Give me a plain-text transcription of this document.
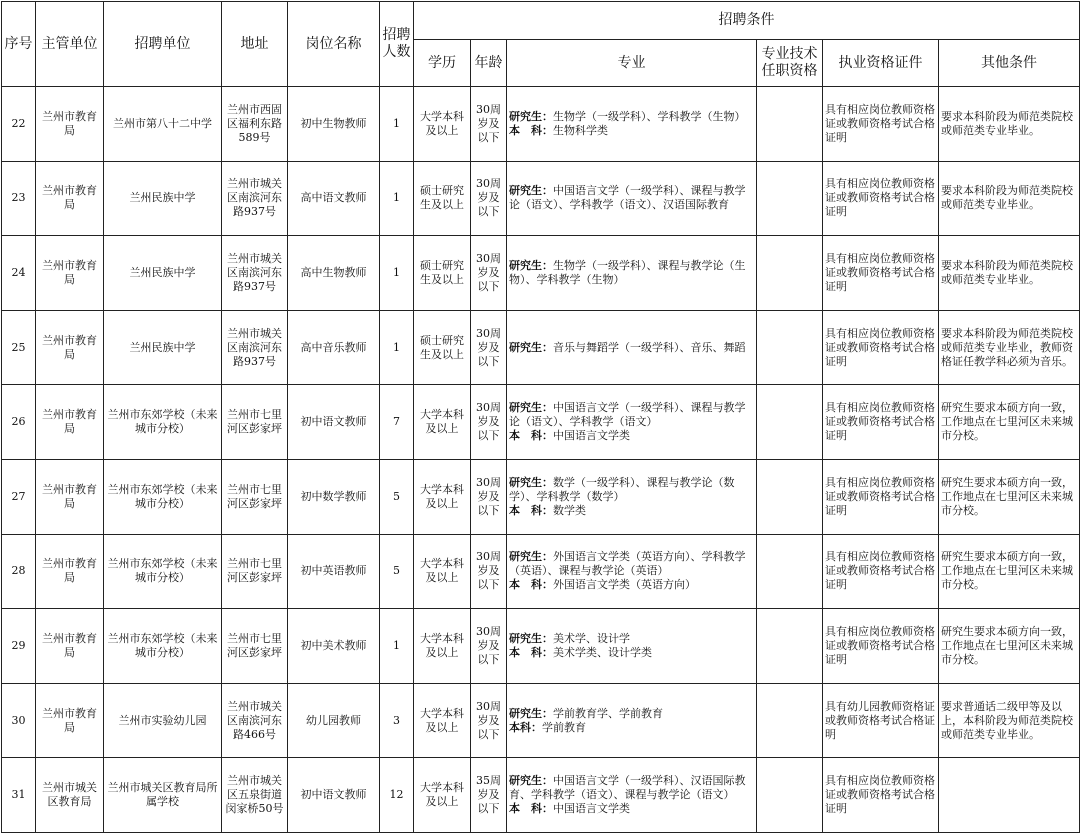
序号	主管单位	招聘单位	地址	岗位名称	招聘人数	招聘条件					
						学历	年龄	专业	专业技术任职资格	执业资格证件	其他条件
22	兰州市教育局	兰州市第八十二中学	兰州市西固区福利东路589号	初中生物教师	1	大学本科及以上	30周岁及以下	研究生：生物学（一级学科）、学科教学（生物）
本　科：生物科学类		具有相应岗位教师资格证或教师资格考试合格证明	要求本科阶段为师范类院校或师范类专业毕业。
23	兰州市教育局	兰州民族中学	兰州市城关区南滨河东路937号	高中语文教师	1	硕士研究生及以上	30周岁及以下	研究生：中国语言文学（一级学科）、课程与教学论（语文）、学科教学（语文）、汉语国际教育		具有相应岗位教师资格证或教师资格考试合格证明	要求本科阶段为师范类院校或师范类专业毕业。
24	兰州市教育局	兰州民族中学	兰州市城关区南滨河东路937号	高中生物教师	1	硕士研究生及以上	30周岁及以下	研究生：生物学（一级学科）、课程与教学论（生物）、学科教学（生物）		具有相应岗位教师资格证或教师资格考试合格证明	要求本科阶段为师范类院校或师范类专业毕业。
25	兰州市教育局	兰州民族中学	兰州市城关区南滨河东路937号	高中音乐教师	1	硕士研究生及以上	30周岁及以下	研究生：音乐与舞蹈学（一级学科）、音乐、舞蹈		具有相应岗位教师资格证或教师资格考试合格证明	要求本科阶段为师范类院校或师范类专业毕业，教师资格证任教学科必须为音乐。
26	兰州市教育局	兰州市东郊学校（未来城市分校）	兰州市七里河区彭家坪	初中语文教师	7	大学本科及以上	30周岁及以下	研究生：中国语言文学（一级学科）、课程与教学论（语文）、学科教学（语文）
本　科：中国语言文学类		具有相应岗位教师资格证或教师资格考试合格证明	研究生要求本硕方向一致，工作地点在七里河区未来城市分校。
27	兰州市教育局	兰州市东郊学校（未来城市分校）	兰州市七里河区彭家坪	初中数学教师	5	大学本科及以上	30周岁及以下	研究生：数学（一级学科）、课程与教学论（数学）、学科教学（数学）
本　科：数学类		具有相应岗位教师资格证或教师资格考试合格证明	研究生要求本硕方向一致，工作地点在七里河区未来城市分校。
28	兰州市教育局	兰州市东郊学校（未来城市分校）	兰州市七里河区彭家坪	初中英语教师	5	大学本科及以上	30周岁及以下	研究生：外国语言文学类（英语方向）、学科教学（英语）、课程与教学论（英语）
本　科：外国语言文学类（英语方向）		具有相应岗位教师资格证或教师资格考试合格证明	研究生要求本硕方向一致，工作地点在七里河区未来城市分校。
29	兰州市教育局	兰州市东郊学校（未来城市分校）	兰州市七里河区彭家坪	初中美术教师	1	大学本科及以上	30周岁及以下	研究生：美术学、设计学
本　科：美术学类、设计学类		具有相应岗位教师资格证或教师资格考试合格证明	研究生要求本硕方向一致，工作地点在七里河区未来城市分校。
30	兰州市教育局	兰州市实验幼儿园	兰州市城关区南滨河东路466号	幼儿园教师	3	大学本科及以上	30周岁及以下	研究生：学前教育学、学前教育
本科：学前教育		具有幼儿园教师资格证或教师资格考试合格证明	要求普通话二级甲等及以上，本科阶段为师范类院校或师范类专业毕业。
31	兰州市城关区教育局	兰州市城关区教育局所属学校	兰州市城关区五泉街道闵家桥50号	初中语文教师	12	大学本科及以上	35周岁及以下	研究生：中国语言文学（一级学科）、汉语国际教育、学科教学（语文）、课程与教学论（语文）
本　科：中国语言文学类		具有相应岗位教师资格证或教师资格考试合格证明	
